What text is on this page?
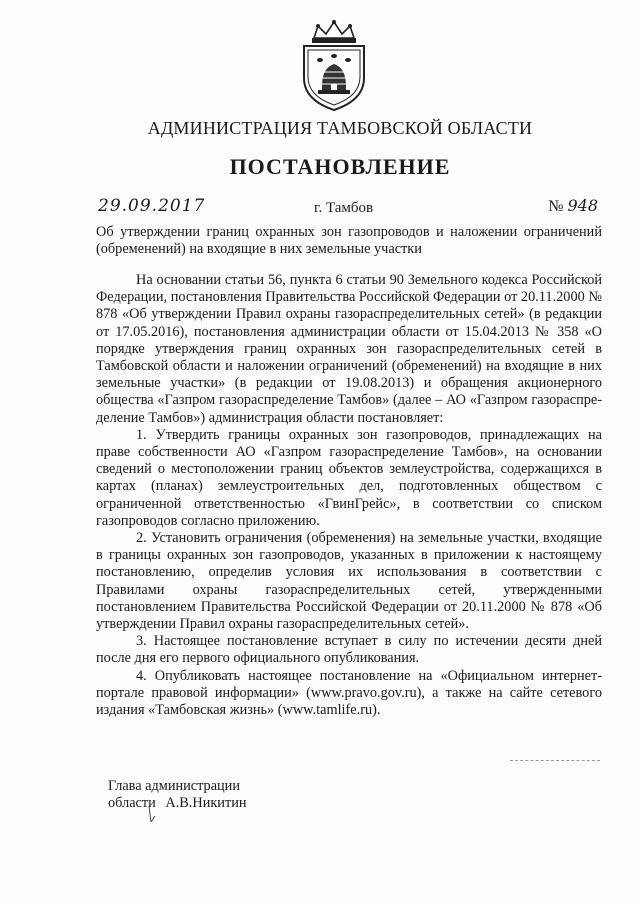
АДМИНИСТРАЦИЯ ТАМБОВСКОЙ ОБЛАСТИ
ПОСТАНОВЛЕНИЕ
29.09.2017	г. Тамбов	№ 948
Об утверждении границ охранных зон газопроводов и наложении ограничений (обременений) на входящие в них земельные участки

На основании статьи 56, пункта 6 статьи 90 Земельного кодекса Российской Федерации, постановления Правительства Российской Федерации от 20.11.2000 № 878 «Об утверждении Правил охраны газораспределительных сетей» (в редакции от 17.05.2016), постановления администрации области от 15.04.2013 № 358 «О порядке утверждения границ охранных зон газораспределительных сетей в Тамбовской области и наложении ограничений (обременений) на входящие в них земельные участки» (в редакции от 19.08.2013) и обращения акционерного общества «Газпром газораспределение Тамбов» (далее – АО «Газпром газораспре-деление Тамбов») администрация области постановляет:

1. Утвердить границы охранных зон газопроводов, принадлежащих на праве собственности АО «Газпром газораспределение Тамбов», на основании сведений о местоположении границ объектов землеустройства, содержащихся в картах (планах) землеустроительных дел, подготовленных обществом с ограниченной ответственностью «ГвинГрейс», в соответствии со списком газопроводов согласно приложению.

2. Установить ограничения (обременения) на земельные участки, входящие в границы охранных зон газопроводов, указанных в приложении к настоящему постановлению, определив условия их использования в соответствии с Правилами охраны газораспределительных сетей, утвержденными постановлением Правительства Российской Федерации от 20.11.2000 № 878 «Об утверждении Правил охраны газораспределительных сетей».

3. Настоящее постановление вступает в силу по истечении десяти дней после дня его первого официального опубликования.

4. Опубликовать настоящее постановление на «Официальном интернет-портале правовой информации» (www.pravo.gov.ru), а также на сайте сетевого издания «Тамбовская жизнь» (www.tamlife.ru).

Глава администрации
области А.В.Никитин
